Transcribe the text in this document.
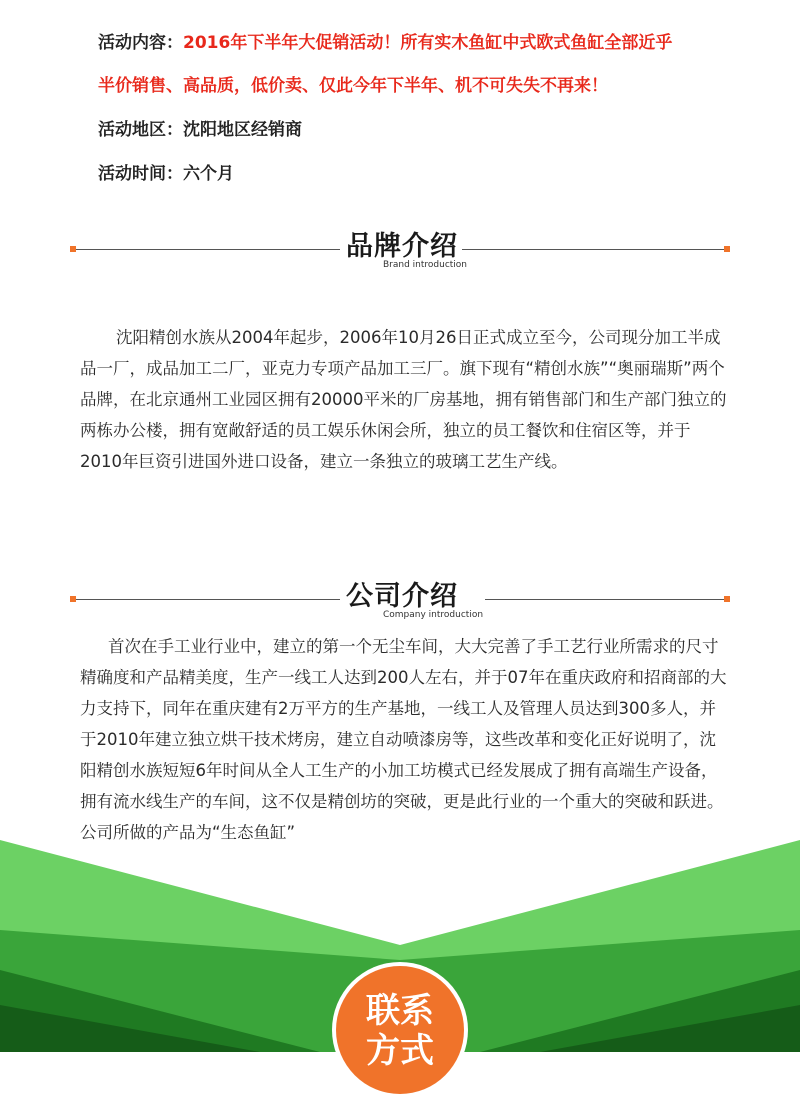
活动内容：2016年下半年大促销活动！所有实木鱼缸中式欧式鱼缸全部近乎
半价销售、高品质，低价卖、仅此今年下半年、机不可失失不再来！
活动地区：沈阳地区经销商
活动时间：六个月
品牌介绍
Brand introduction

沈阳精创水族从2004年起步，2006年10月26日正式成立至今，公司现分加工半成品一厂，成品加工二厂，亚克力专项产品加工三厂。旗下现有“精创水族”“奥丽瑞斯”两个品牌，在北京通州工业园区拥有20000平米的厂房基地，拥有销售部门和生产部门独立的两栋办公楼，拥有宽敞舒适的员工娱乐休闲会所，独立的员工餐饮和住宿区等，并于2010年巨资引进国外进口设备，建立一条独立的玻璃工艺生产线。

公司介绍
Company introduction

首次在手工业行业中，建立的第一个无尘车间，大大完善了手工艺行业所需求的尺寸精确度和产品精美度，生产一线工人达到200人左右，并于07年在重庆政府和招商部的大力支持下，同年在重庆建有2万平方的生产基地，一线工人及管理人员达到300多人，并于2010年建立独立烘干技术烤房，建立自动喷漆房等，这些改革和变化正好说明了，沈阳精创水族短短6年时间从全人工生产的小加工坊模式已经发展成了拥有高端生产设备，拥有流水线生产的车间，这不仅是精创坊的突破，更是此行业的一个重大的突破和跃进。公司所做的产品为“生态鱼缸”

联系
方式
